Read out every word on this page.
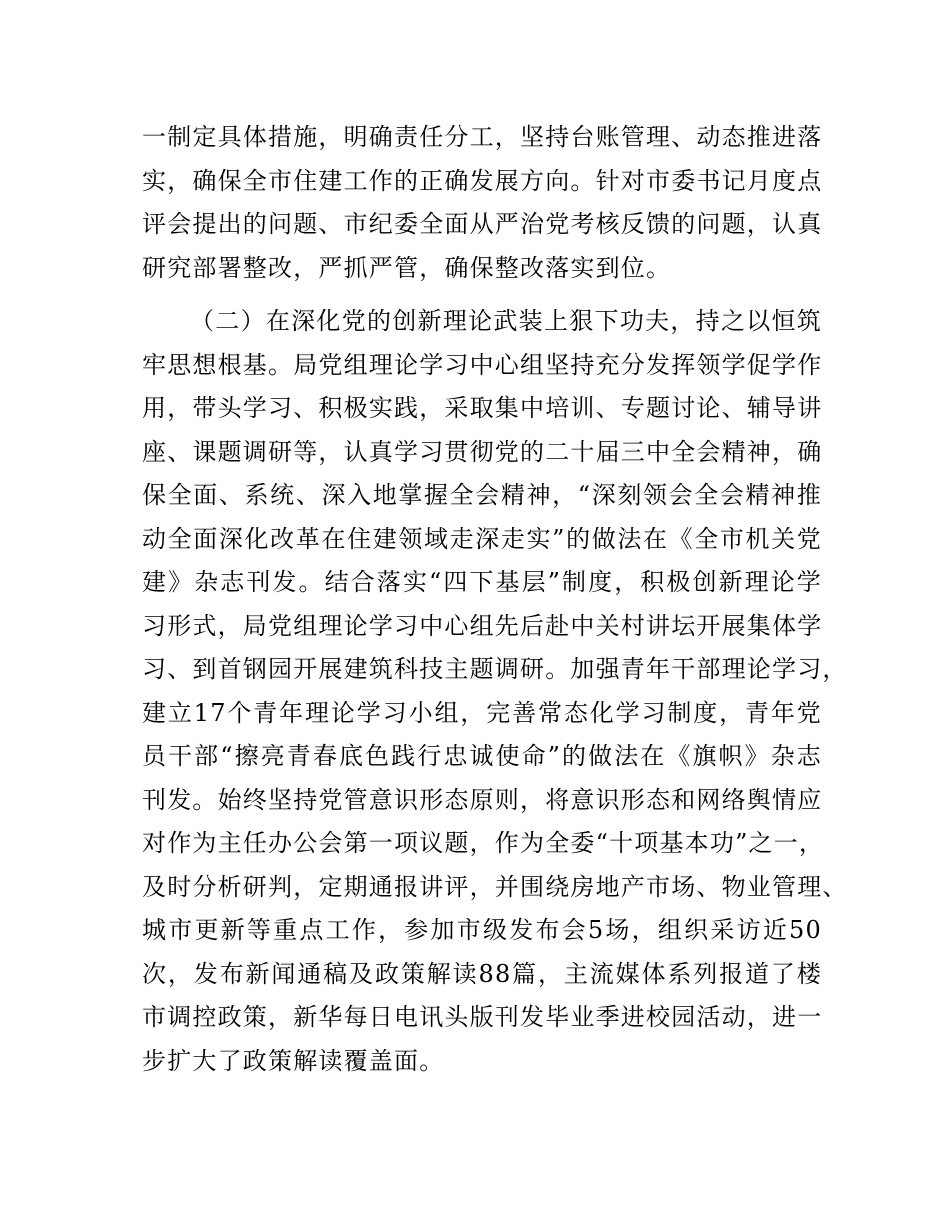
一制定具体措施，明确责任分工，坚持台账管理、动态推进落
实，确保全市住建工作的正确发展方向。针对市委书记月度点
评会提出的问题、市纪委全面从严治党考核反馈的问题，认真
研究部署整改，严抓严管，确保整改落实到位。
（二）在深化党的创新理论武装上狠下功夫，持之以恒筑
牢思想根基。局党组理论学习中心组坚持充分发挥领学促学作
用，带头学习、积极实践，采取集中培训、专题讨论、辅导讲
座、课题调研等，认真学习贯彻党的二十届三中全会精神，确
保全面、系统、深入地掌握全会精神，“深刻领会全会精神推
动全面深化改革在住建领域走深走实”的做法在《全市机关党
建》杂志刊发。结合落实“四下基层”制度，积极创新理论学
习形式，局党组理论学习中心组先后赴中关村讲坛开展集体学
习、到首钢园开展建筑科技主题调研。加强青年干部理论学习，
建立17个青年理论学习小组，完善常态化学习制度，青年党
员干部“擦亮青春底色践行忠诚使命”的做法在《旗帜》杂志
刊发。始终坚持党管意识形态原则，将意识形态和网络舆情应
对作为主任办公会第一项议题，作为全委“十项基本功”之一，
及时分析研判，定期通报讲评，并围绕房地产市场、物业管理、
城市更新等重点工作，参加市级发布会5场，组织采访近50
次，发布新闻通稿及政策解读88篇，主流媒体系列报道了楼
市调控政策，新华每日电讯头版刊发毕业季进校园活动，进一
步扩大了政策解读覆盖面。
